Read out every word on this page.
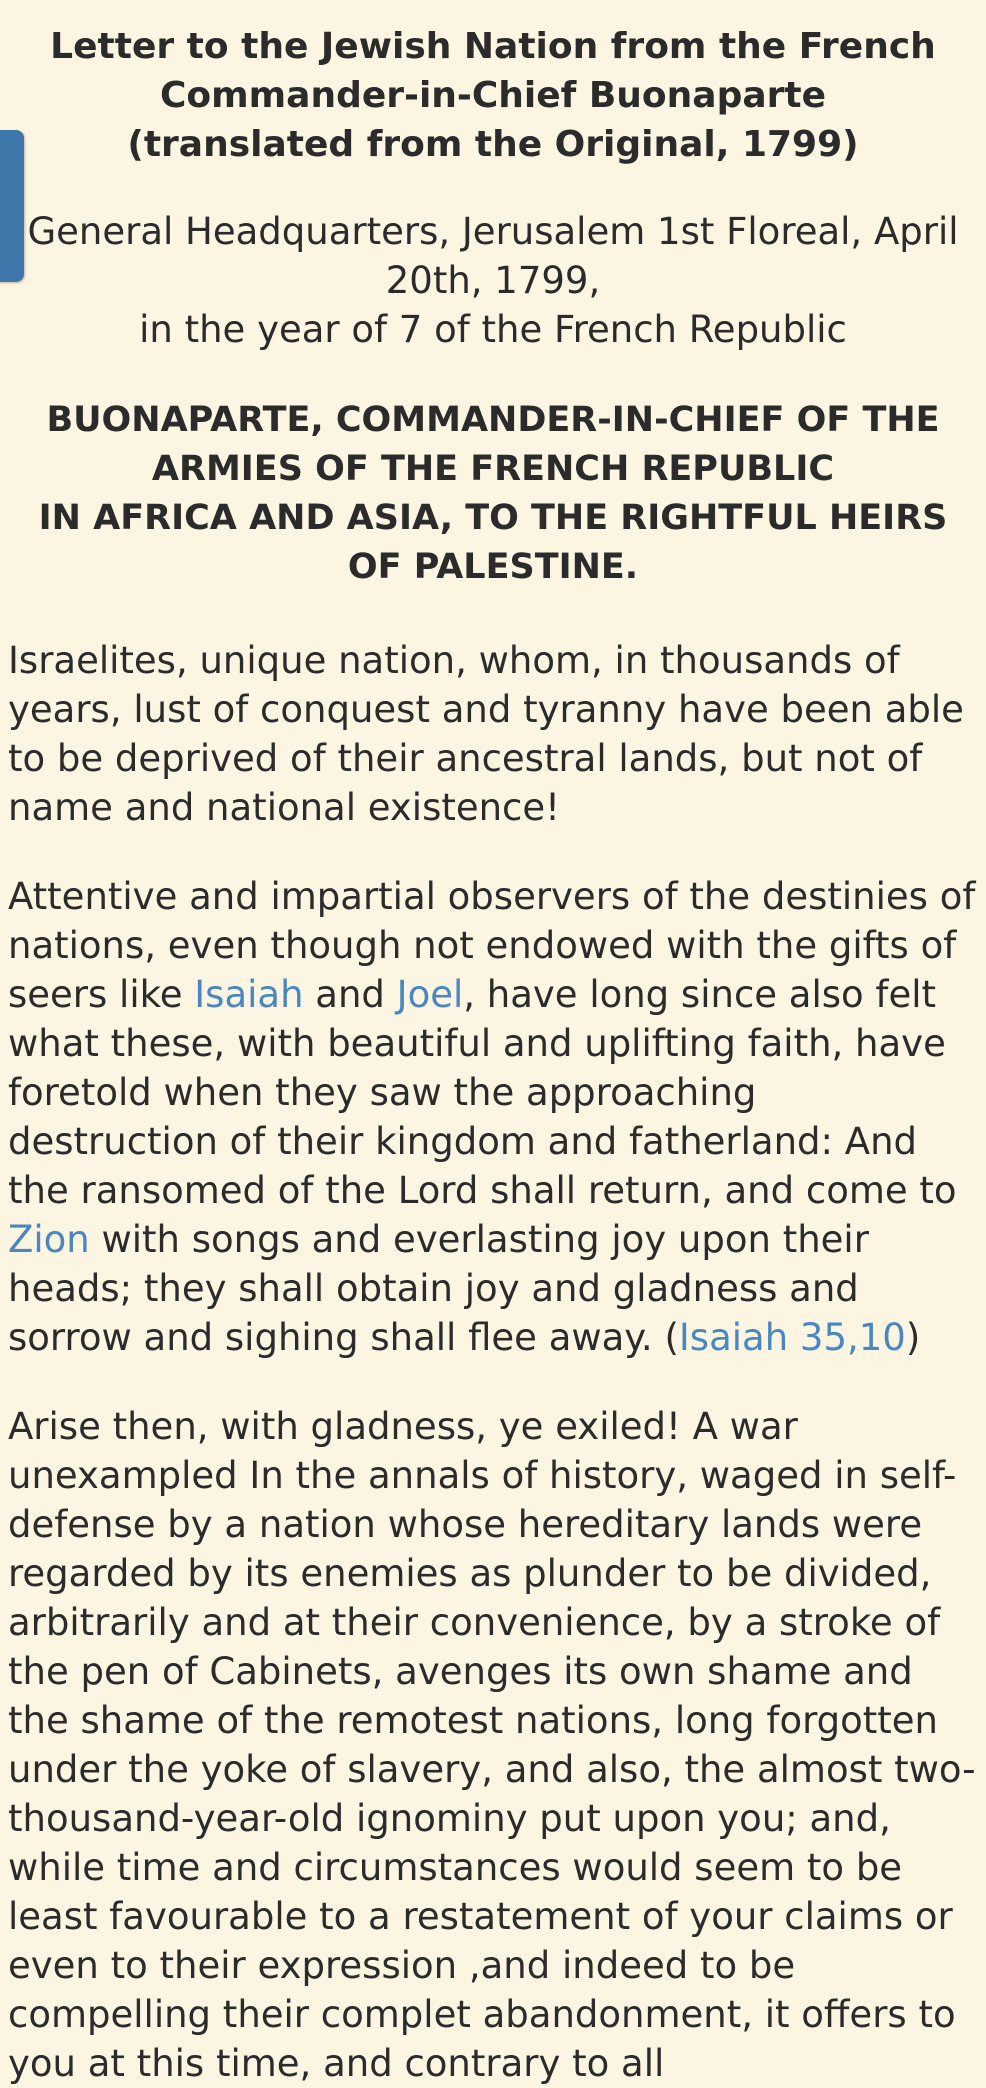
Letter to the Jewish Nation from the French
Commander-in-Chief Buonaparte
(translated from the Original, 1799)

General Headquarters, Jerusalem 1st Floreal, April 20th, 1799,
in the year of 7 of the French Republic

BUONAPARTE, COMMANDER-IN-CHIEF OF THE ARMIES OF THE FRENCH REPUBLIC
IN AFRICA AND ASIA, TO THE RIGHTFUL HEIRS OF PALESTINE.

Israelites, unique nation, whom, in thousands of years, lust of conquest and tyranny have been able to be deprived of their ancestral lands, but not of name and national existence!

Attentive and impartial observers of the destinies of nations, even though not endowed with the gifts of seers like Isaiah and Joel, have long since also felt what these, with beautiful and uplifting faith, have foretold when they saw the approaching destruction of their kingdom and fatherland: And the ransomed of the Lord shall return, and come to Zion with songs and everlasting joy upon their heads; they shall obtain joy and gladness and sorrow and sighing shall flee away. (Isaiah 35,10)

Arise then, with gladness, ye exiled! A war unexampled In the annals of history, waged in self-defense by a nation whose hereditary lands were regarded by its enemies as plunder to be divided, arbitrarily and at their convenience, by a stroke of the pen of Cabinets, avenges its own shame and the shame of the remotest nations, long forgotten under the yoke of slavery, and also, the almost two-thousand-year-old ignominy put upon you; and, while time and circumstances would seem to be least favourable to a restatement of your claims or even to their expression ,and indeed to be compelling their complet abandonment, it offers to you at this time, and contrary to all
